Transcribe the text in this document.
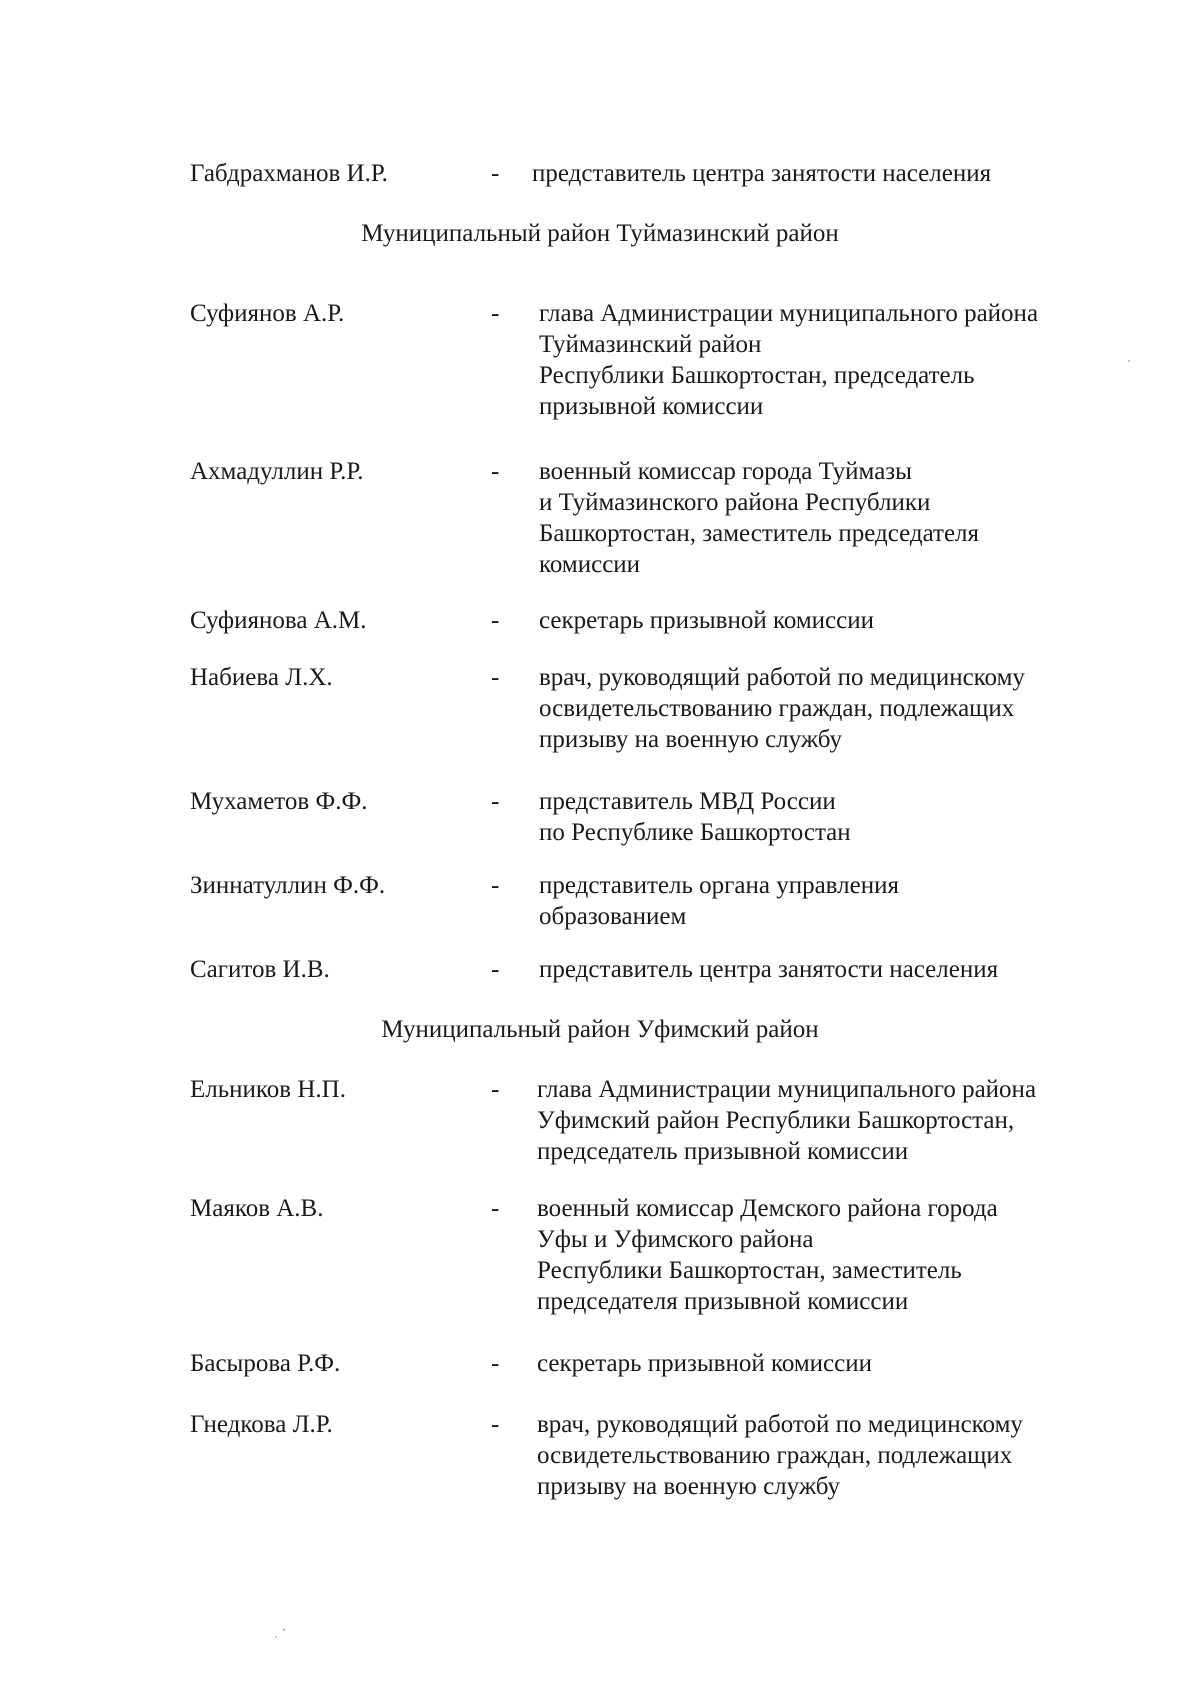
Габдрахманов И.Р.	- представитель центра занятости населения
Муниципальный район Туймазинский район
Суфиянов А.Р.	- глава Администрации муниципального района
Туймазинский район
Республики Башкортостан, председатель
призывной комиссии
Ахмадуллин Р.Р.	- военный комиссар города Туймазы
и Туймазинского района Республики
Башкортостан, заместитель председателя
комиссии
Суфиянова А.М.	- секретарь призывной комиссии
Набиева Л.Х.	- врач, руководящий работой по медицинскому
освидетельствованию граждан, подлежащих
призыву на военную службу
Мухаметов Ф.Ф.	- представитель МВД России
по Республике Башкортостан
Зиннатуллин Ф.Ф.	- представитель органа управления
образованием
Сагитов И.В.	- представитель центра занятости населения
Муниципальный район Уфимский район
Ельников Н.П.	- глава Администрации муниципального района
Уфимский район Республики Башкортостан,
председатель призывной комиссии
Маяков А.В.	- военный комиссар Демского района города
Уфы и Уфимского района
Республики Башкортостан, заместитель
председателя призывной комиссии
Басырова Р.Ф.	- секретарь призывной комиссии
Гнедкова Л.Р.	- врач, руководящий работой по медицинскому
освидетельствованию граждан, подлежащих
призыву на военную службу
